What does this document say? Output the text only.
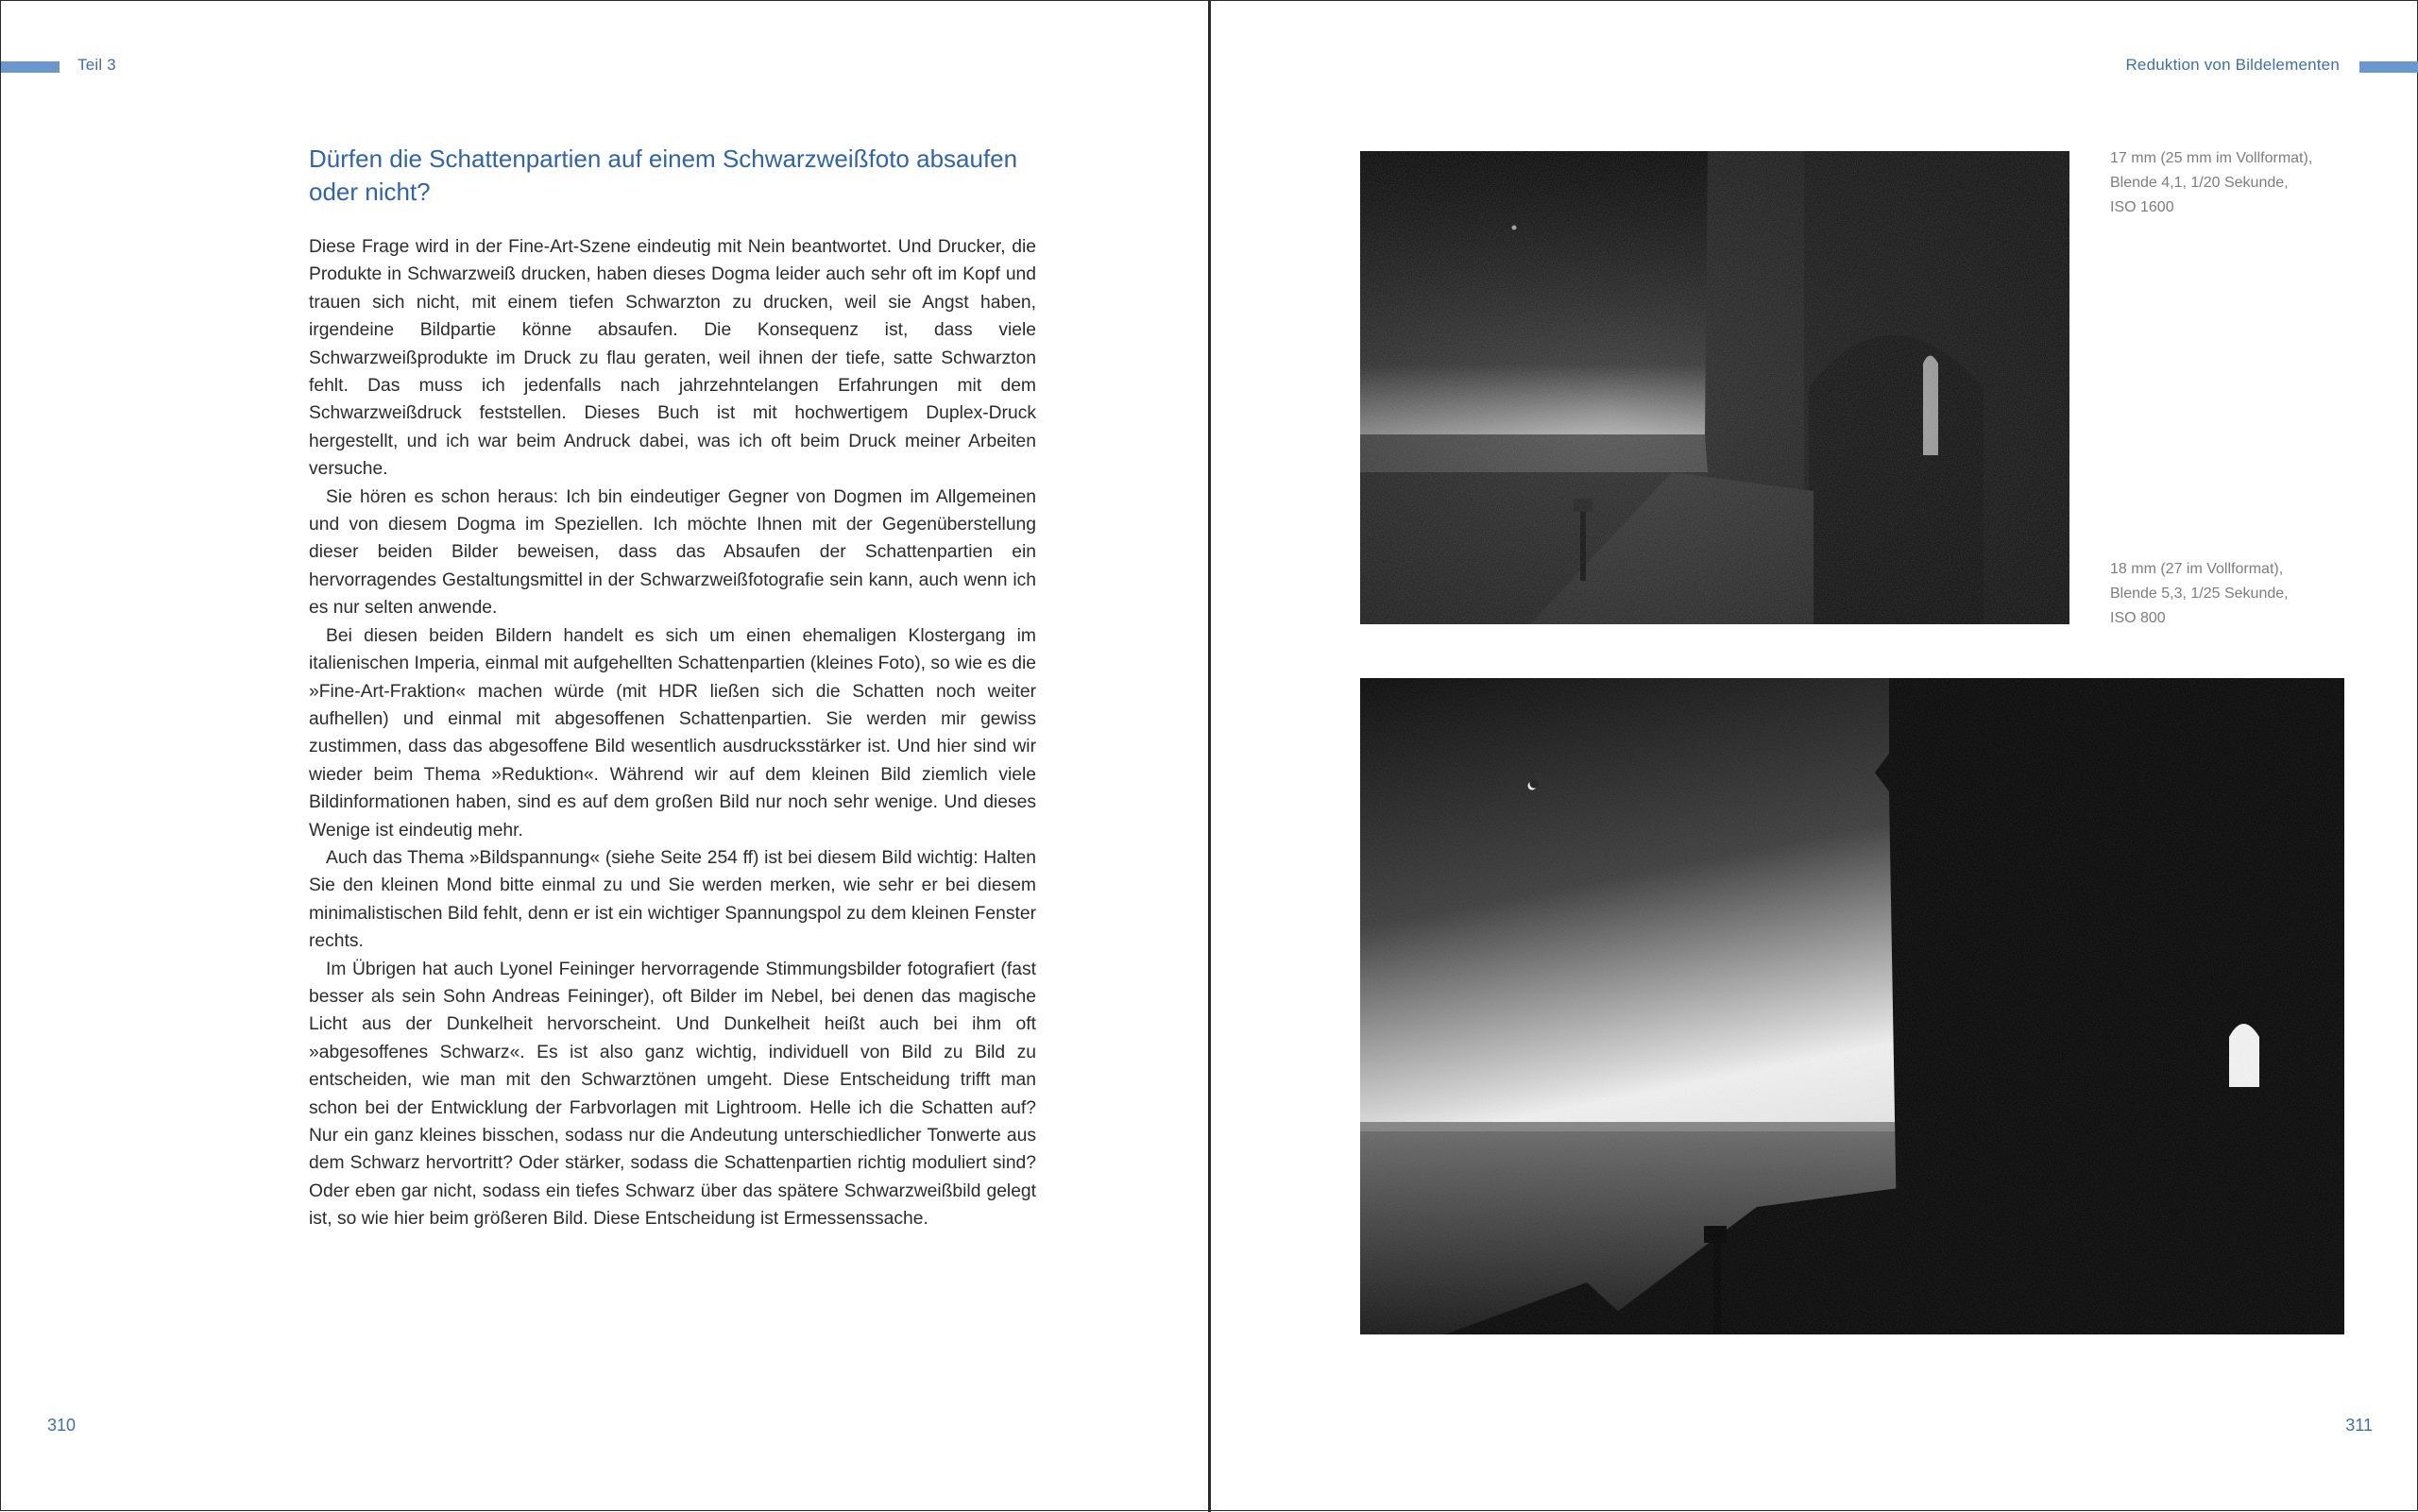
Teil 3
Dürfen die Schattenpartien auf einem Schwarzweißfoto absaufen oder nicht?

Diese Frage wird in der Fine-Art-Szene eindeutig mit Nein beantwortet. Und Drucker, die Produkte in Schwarzweiß drucken, haben dieses Dogma leider auch sehr oft im Kopf und trauen sich nicht, mit einem tiefen Schwarzton zu drucken, weil sie Angst haben, irgendeine Bildpartie könne absaufen. Die Konsequenz ist, dass viele Schwarzweißprodukte im Druck zu flau geraten, weil ihnen der tiefe, satte Schwarzton fehlt. Das muss ich jedenfalls nach jahrzehntelangen Erfahrungen mit dem Schwarzweißdruck feststellen. Dieses Buch ist mit hochwertigem Duplex-Druck hergestellt, und ich war beim Andruck dabei, was ich oft beim Druck meiner Arbeiten versuche.

Sie hören es schon heraus: Ich bin eindeutiger Gegner von Dogmen im Allgemeinen und von diesem Dogma im Speziellen. Ich möchte Ihnen mit der Gegenüberstellung dieser beiden Bilder beweisen, dass das Absaufen der Schattenpartien ein hervorragendes Gestaltungsmittel in der Schwarzweißfotografie sein kann, auch wenn ich es nur selten anwende.

Bei diesen beiden Bildern handelt es sich um einen ehemaligen Klostergang im italienischen Imperia, einmal mit aufgehellten Schattenpartien (kleines Foto), so wie es die »Fine-Art-Fraktion« machen würde (mit HDR ließen sich die Schatten noch weiter aufhellen) und einmal mit abgesoffenen Schattenpartien. Sie werden mir gewiss zustimmen, dass das abgesoffene Bild wesentlich ausdrucksstärker ist. Und hier sind wir wieder beim Thema »Reduktion«. Während wir auf dem kleinen Bild ziemlich viele Bildinformationen haben, sind es auf dem großen Bild nur noch sehr wenige. Und dieses Wenige ist eindeutig mehr.

Auch das Thema »Bildspannung« (siehe Seite 254 ff) ist bei diesem Bild wichtig: Halten Sie den kleinen Mond bitte einmal zu und Sie werden merken, wie sehr er bei diesem minimalistischen Bild fehlt, denn er ist ein wichtiger Spannungspol zu dem kleinen Fenster rechts.

Im Übrigen hat auch Lyonel Feininger hervorragende Stimmungsbilder fotografiert (fast besser als sein Sohn Andreas Feininger), oft Bilder im Nebel, bei denen das magische Licht aus der Dunkelheit hervorscheint. Und Dunkelheit heißt auch bei ihm oft »abgesoffenes Schwarz«. Es ist also ganz wichtig, individuell von Bild zu Bild zu entscheiden, wie man mit den Schwarztönen umgeht. Diese Entscheidung trifft man schon bei der Entwicklung der Farbvorlagen mit Lightroom. Helle ich die Schatten auf? Nur ein ganz kleines bisschen, sodass nur die Andeutung unterschiedlicher Tonwerte aus dem Schwarz hervortritt? Oder stärker, sodass die Schattenpartien richtig moduliert sind? Oder eben gar nicht, sodass ein tiefes Schwarz über das spätere Schwarzweißbild gelegt ist, so wie hier beim größeren Bild. Diese Entscheidung ist Ermessenssache.

310
Reduktion von Bildelementen
17 mm (25 mm im Vollformat),
Blende 4,1, 1/20 Sekunde,
ISO 1600
18 mm (27 im Vollformat),
Blende 5,3, 1/25 Sekunde,
ISO 800
311
